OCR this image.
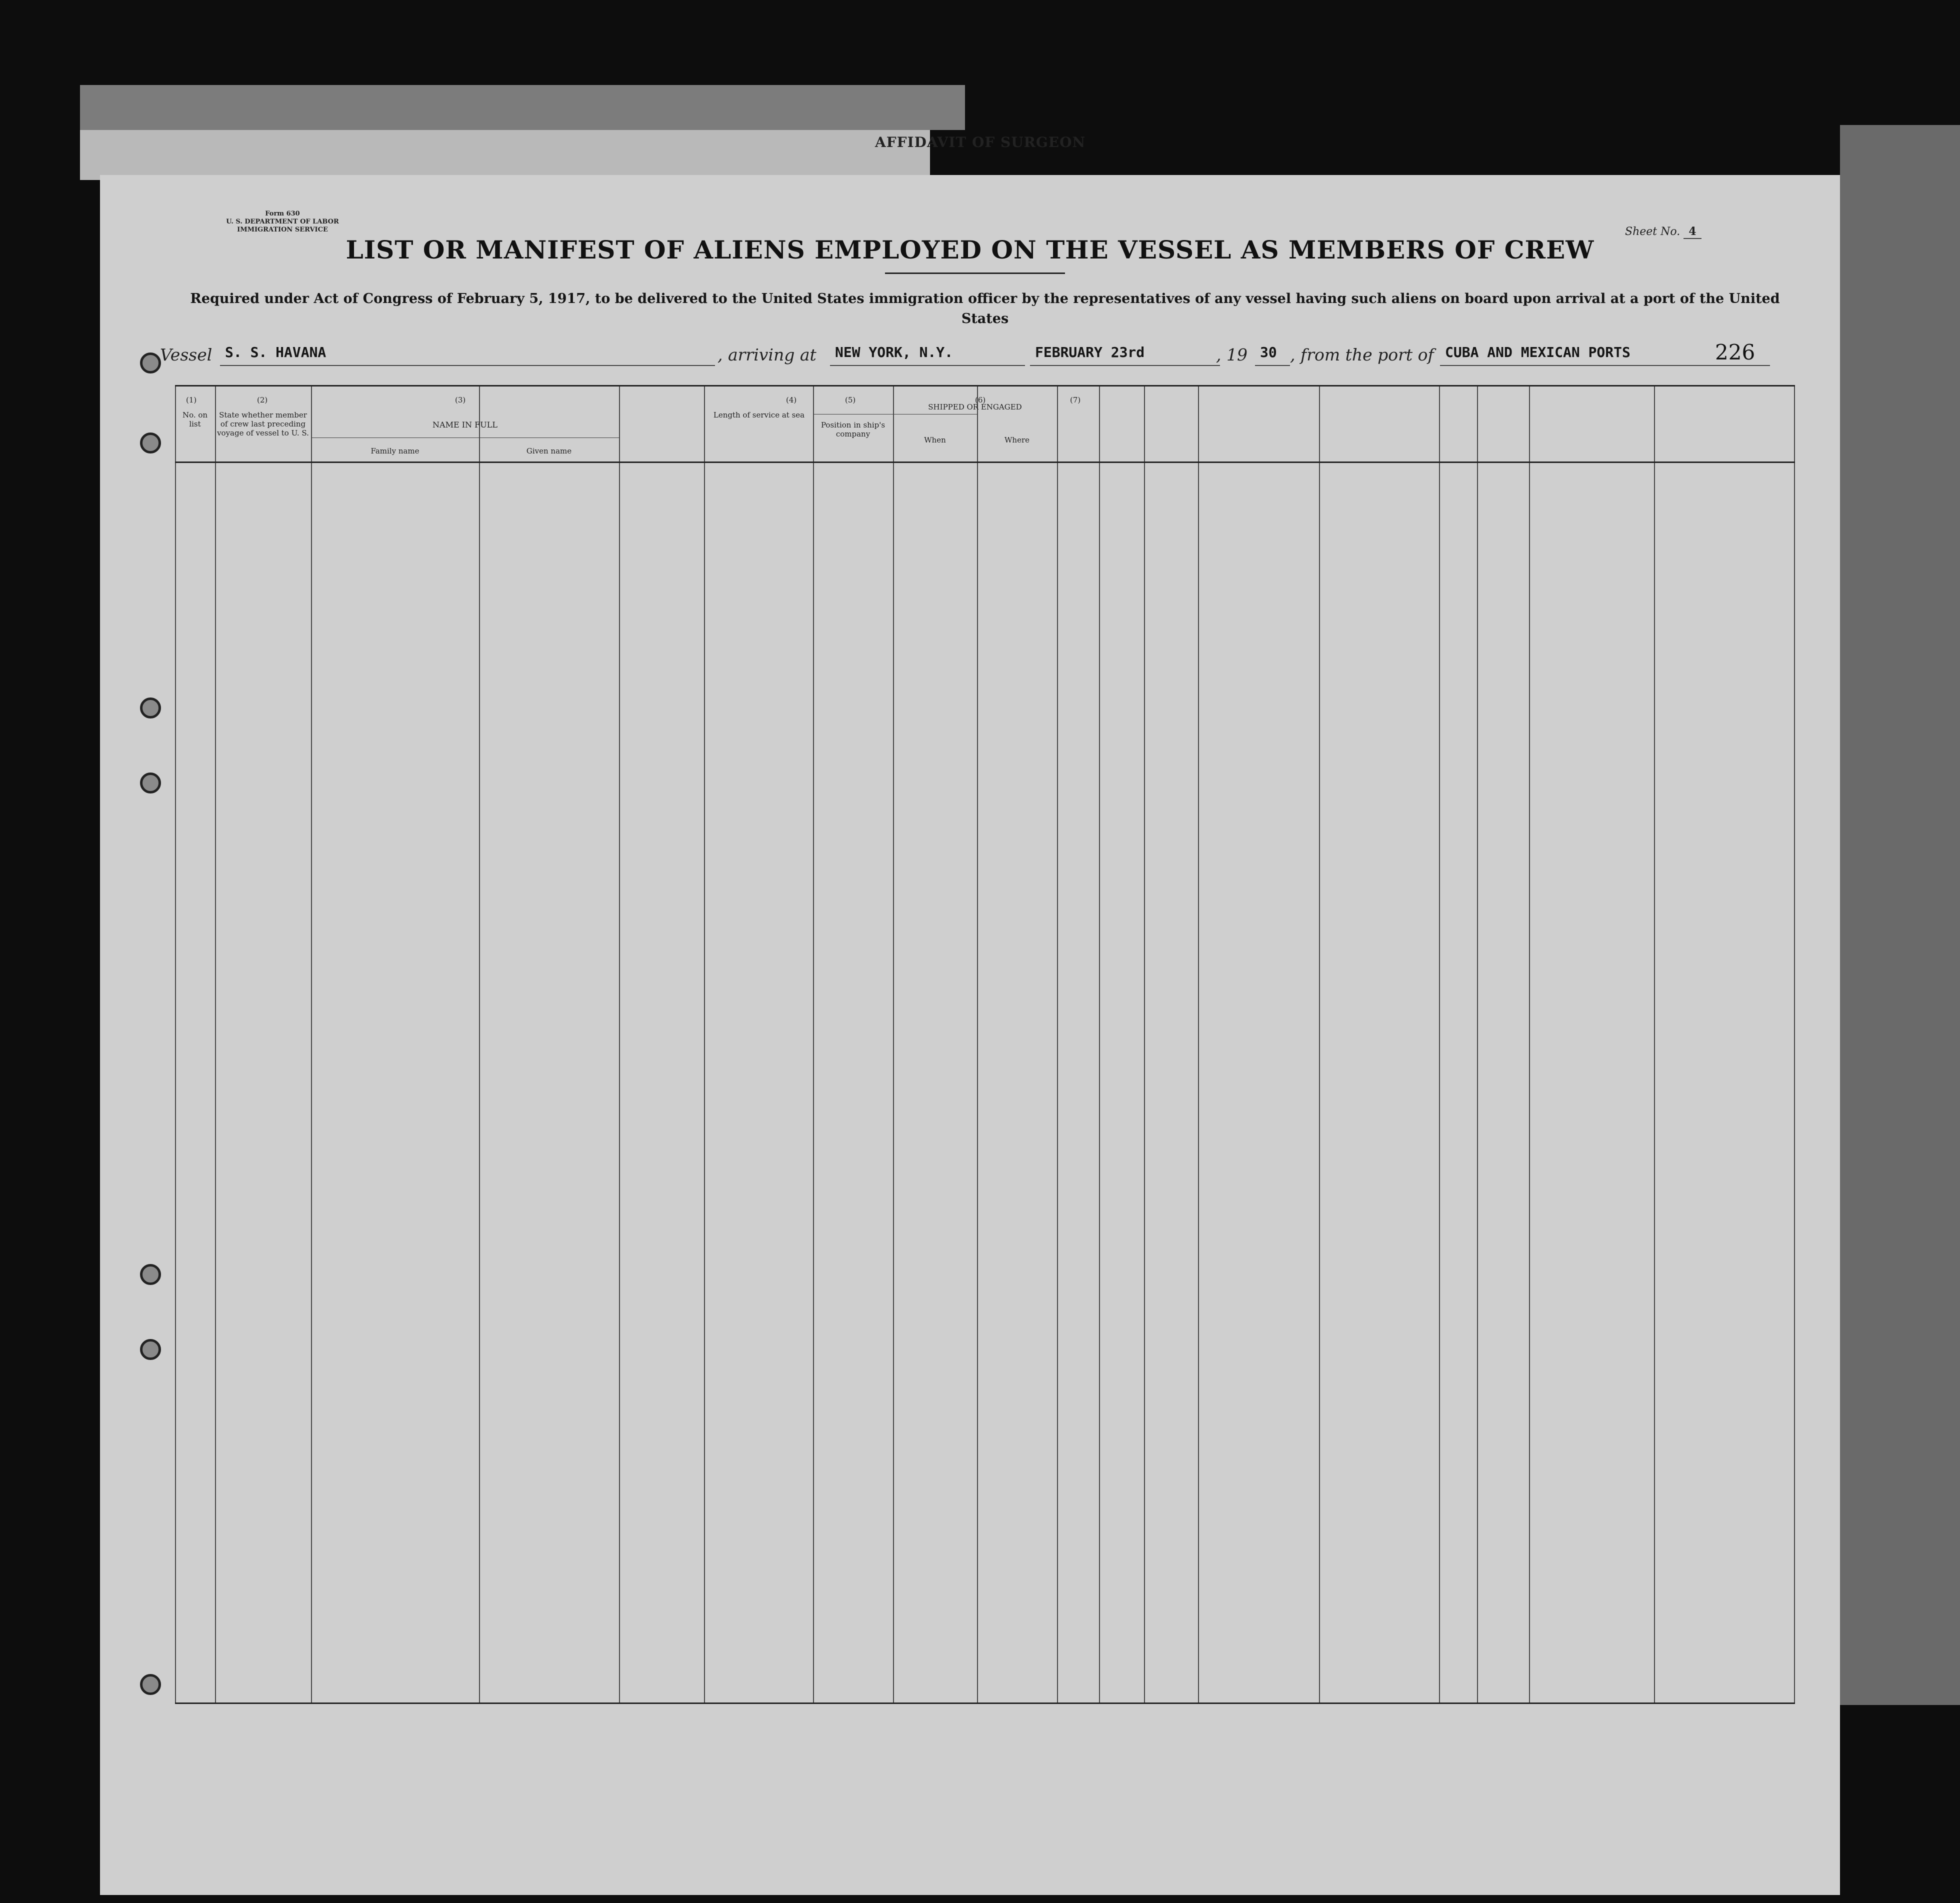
AFFIDAVIT OF SURGEON
Form 630
U. S. DEPARTMENT OF LABOR
IMMIGRATION SERVICE	Sheet No. 4
LIST OR MANIFEST OF ALIENS EMPLOYED ON THE VESSEL AS MEMBERS OF CREW
Required under Act of Congress of February 5, 1917, to be delivered to the United States immigration officer by the representatives of any vessel having such aliens on board upon arrival at a port of the United States
Vessel S. S. HAVANA	, arriving at	NEW YORK, N.Y.	FEBRUARY 23rd	, 19 30 , from the port of CUBA AND MEXICAN PORTS	226
(1)
No. on list
(2)
State whether member of crew last preceding voyage of vessel to U. S.
(3)
NAME IN FULL
Family name	Given name
(4)
Length of service at sea
(5)
Position in ship's company
(6)
SHIPPED OR ENGAGED
When	Where
(7)
